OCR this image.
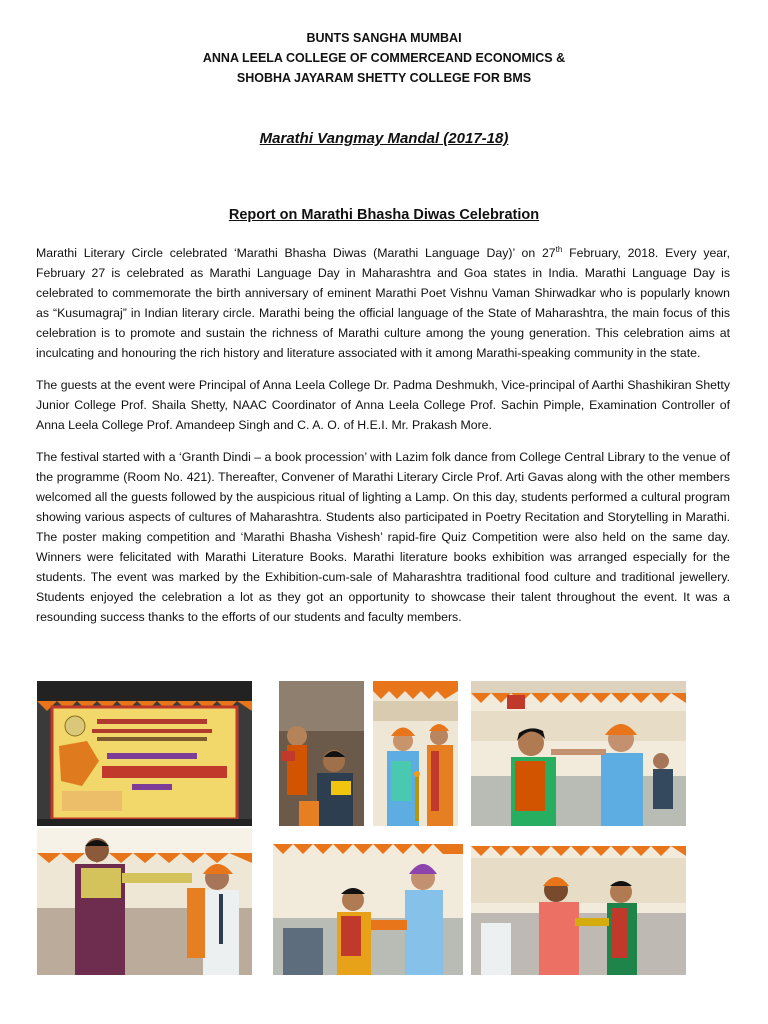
BUNTS SANGHA MUMBAI
ANNA LEELA COLLEGE OF COMMERCEAND ECONOMICS &
SHOBHA JAYARAM SHETTY COLLEGE FOR BMS
Marathi Vangmay Mandal (2017-18)
Report on Marathi Bhasha Diwas Celebration

Marathi Literary Circle celebrated ‘Marathi Bhasha Diwas (Marathi Language Day)’ on 27th February, 2018. Every year, February 27 is celebrated as Marathi Language Day in Maharashtra and Goa states in India. Marathi Language Day is celebrated to commemorate the birth anniversary of eminent Marathi Poet Vishnu Vaman Shirwadkar who is popularly known as “Kusumagraj” in Indian literary circle. Marathi being the official language of the State of Maharashtra, the main focus of this celebration is to promote and sustain the richness of Marathi culture among the young generation. This celebration aims at inculcating and honouring the rich history and literature associated with it among Marathi-speaking community in the state.

The guests at the event were Principal of Anna Leela College Dr. Padma Deshmukh, Vice-principal of Aarthi Shashikiran Shetty Junior College Prof. Shaila Shetty, NAAC Coordinator of Anna Leela College Prof. Sachin Pimple, Examination Controller of Anna Leela College Prof. Amandeep Singh and C. A. O. of H.E.I. Mr. Prakash More.

The festival started with a ‘Granth Dindi – a book procession’ with Lazim folk dance from College Central Library to the venue of the programme (Room No. 421). Thereafter, Convener of Marathi Literary Circle Prof. Arti Gavas along with the other members welcomed all the guests followed by the auspicious ritual of lighting a Lamp. On this day, students performed a cultural program showing various aspects of cultures of Maharashtra. Students also participated in Poetry Recitation and Storytelling in Marathi. The poster making competition and ‘Marathi Bhasha Vishesh’ rapid-fire Quiz Competition were also held on the same day. Winners were felicitated with Marathi Literature Books. Marathi literature books exhibition was arranged especially for the students. The event was marked by the Exhibition-cum-sale of Maharashtra traditional food culture and traditional jewellery. Students enjoyed the celebration a lot as they got an opportunity to showcase their talent throughout the event. It was a resounding success thanks to the efforts of our students and faculty members.
